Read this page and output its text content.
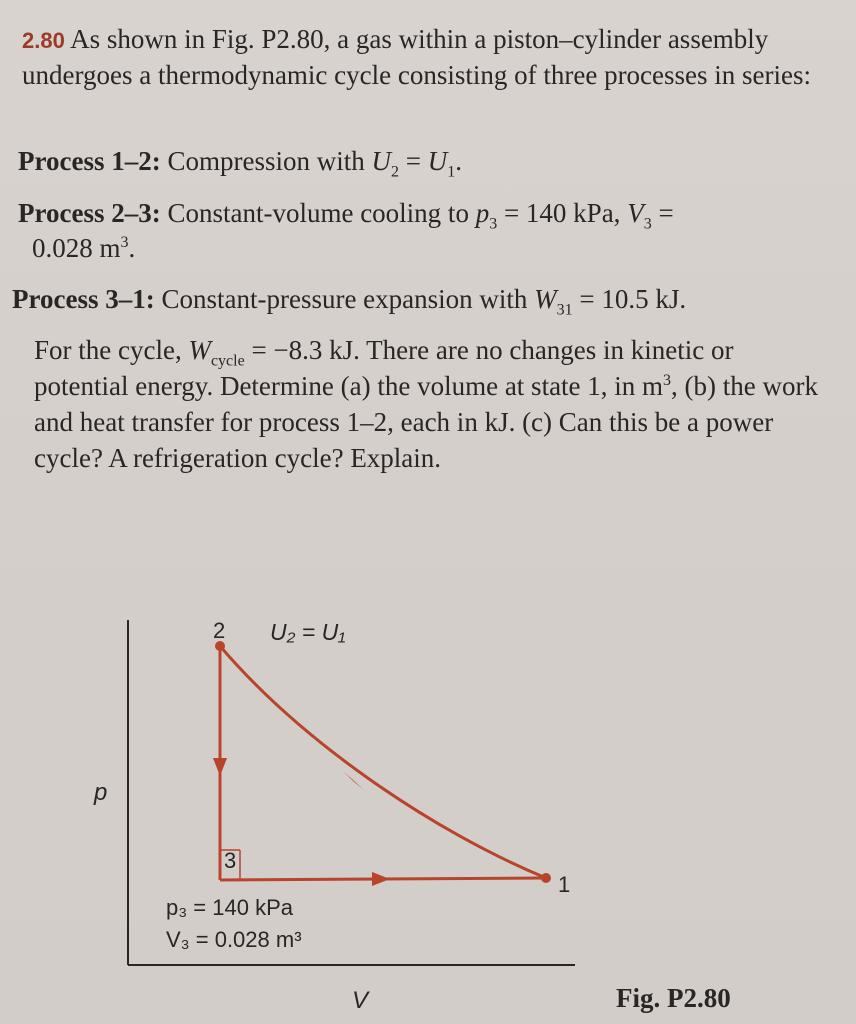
2.80 As shown in Fig. P2.80, a gas within a piston–cylinder assembly undergoes a thermodynamic cycle consisting of three processes in series:

Process 1–2: Compression with $U_2 = U_1$.

Process 2–3: Constant-volume cooling to $p_3 = 140$ kPa, $V_3$ =
0.028 $m^3$.

Process 3–1: Constant-pressure expansion with $W_{31} = 10.5$ kJ.

For the cycle, $W_{cycle} = -8.3$ kJ. There are no changes in kinetic or potential energy. Determine (a) the volume at state 1, in $m^3$, (b) the work and heat transfer for process 1–2, each in kJ. (c) Can this be a power cycle? A refrigeration cycle? Explain.

p
V
2
3
1
U₂ = U₁
p₃ = 140 kPa
V₃ = 0.028 m³
Fig. P2.80
